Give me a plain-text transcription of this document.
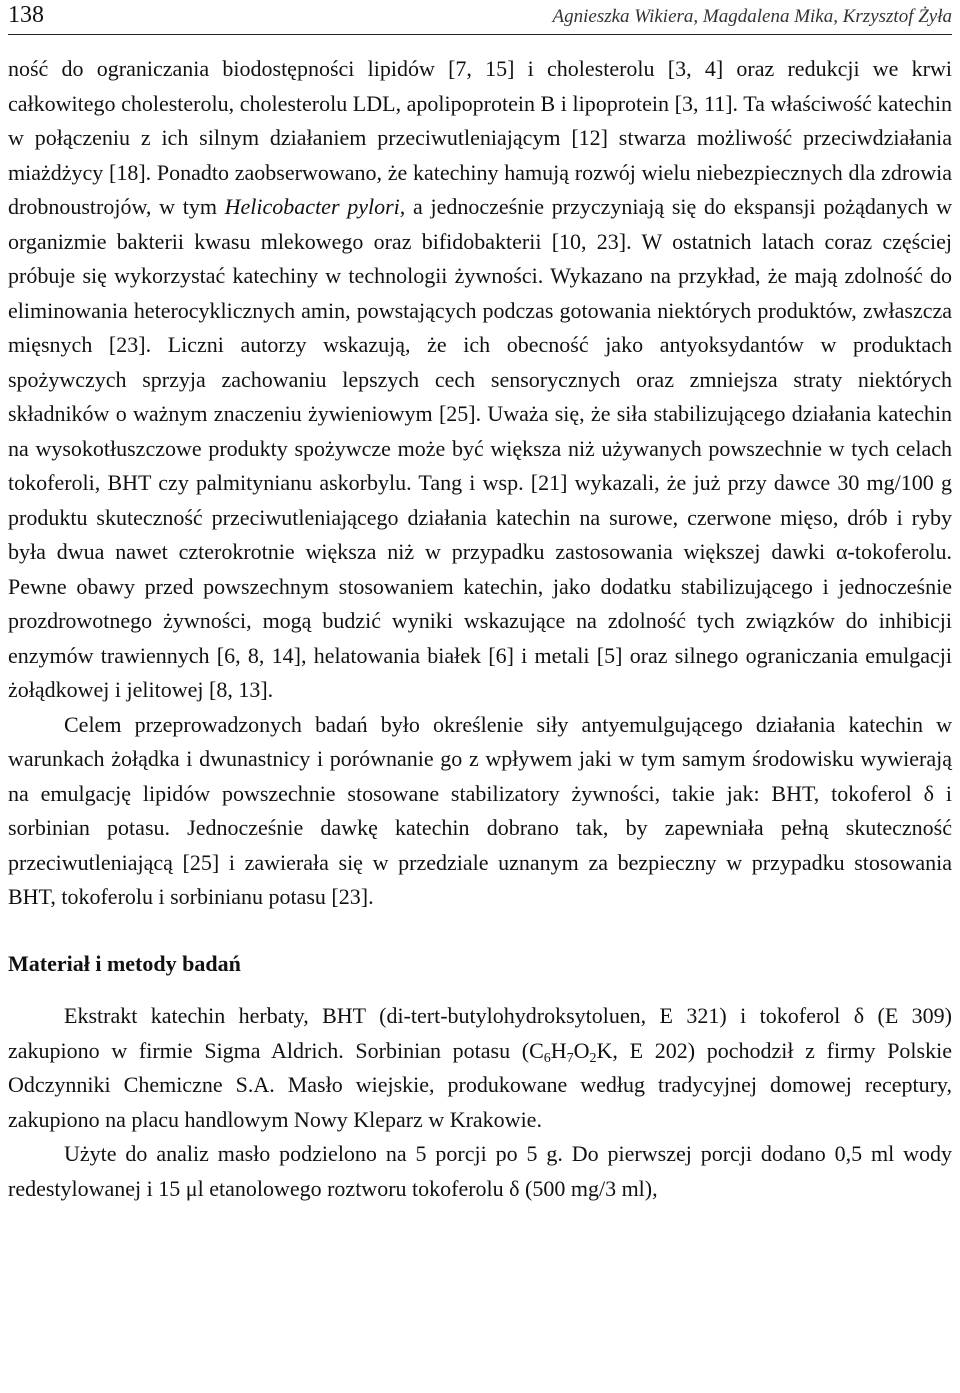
138	Agnieszka Wikiera, Magdalena Mika, Krzysztof Żyła

ność do ograniczania biodostępności lipidów [7, 15] i cholesterolu [3, 4] oraz redukcji we krwi całkowitego cholesterolu, cholesterolu LDL, apolipoprotein B i lipoprotein [3, 11]. Ta właściwość katechin w połączeniu z ich silnym działaniem przeciwutleniającym [12] stwarza możliwość przeciwdziałania miażdżycy [18]. Ponadto zaobserwowano, że katechiny hamują rozwój wielu niebezpiecznych dla zdrowia drobnoustrojów, w tym Helicobacter pylori, a jednocześnie przyczyniają się do ekspansji pożądanych w organizmie bakterii kwasu mlekowego oraz bifidobakterii [10, 23]. W ostatnich latach coraz częściej próbuje się wykorzystać katechiny w technologii żywności. Wykazano na przykład, że mają zdolność do eliminowania heterocyklicznych amin, powstających podczas gotowania niektórych produktów, zwłaszcza mięsnych [23]. Liczni autorzy wskazują, że ich obecność jako antyoksydantów w produktach spożywczych sprzyja zachowaniu lepszych cech sensorycznych oraz zmniejsza straty niektórych składników o ważnym znaczeniu żywieniowym [25]. Uważa się, że siła stabilizującego działania katechin na wysokotłuszczowe produkty spożywcze może być większa niż używanych powszechnie w tych celach tokoferoli, BHT czy palmitynianu askorbylu. Tang i wsp. [21] wykazali, że już przy dawce 30 mg/100 g produktu skuteczność przeciwutleniającego działania katechin na surowe, czerwone mięso, drób i ryby była dwua nawet czterokrotnie większa niż w przypadku zastosowania większej dawki α-tokoferolu. Pewne obawy przed powszechnym stosowaniem katechin, jako dodatku stabilizującego i jednocześnie prozdrowotnego żywności, mogą budzić wyniki wskazujące na zdolność tych związków do inhibicji enzymów trawiennych [6, 8, 14], helatowania białek [6] i metali [5] oraz silnego ograniczania emulgacji żołądkowej i jelitowej [8, 13].

Celem przeprowadzonych badań było określenie siły antyemulgującego działania katechin w warunkach żołądka i dwunastnicy i porównanie go z wpływem jaki w tym samym środowisku wywierają na emulgację lipidów powszechnie stosowane stabilizatory żywności, takie jak: BHT, tokoferol δ i sorbinian potasu. Jednocześnie dawkę katechin dobrano tak, by zapewniała pełną skuteczność przeciwutleniającą [25] i zawierała się w przedziale uznanym za bezpieczny w przypadku stosowania BHT, tokoferolu i sorbinianu potasu [23].

Materiał i metody badań

Ekstrakt katechin herbaty, BHT (di-tert-butylohydroksytoluen, E 321) i tokoferol δ (E 309) zakupiono w firmie Sigma Aldrich. Sorbinian potasu ($C_6H_7O_2K$, E 202) pochodził z firmy Polskie Odczynniki Chemiczne S.A. Masło wiejskie, produkowane według tradycyjnej domowej receptury, zakupiono na placu handlowym Nowy Kleparz w Krakowie.

Użyte do analiz masło podzielono na 5 porcji po 5 g. Do pierwszej porcji dodano 0,5 ml wody redestylowanej i 15 μl etanolowego roztworu tokoferolu δ (500 mg/3 ml),
